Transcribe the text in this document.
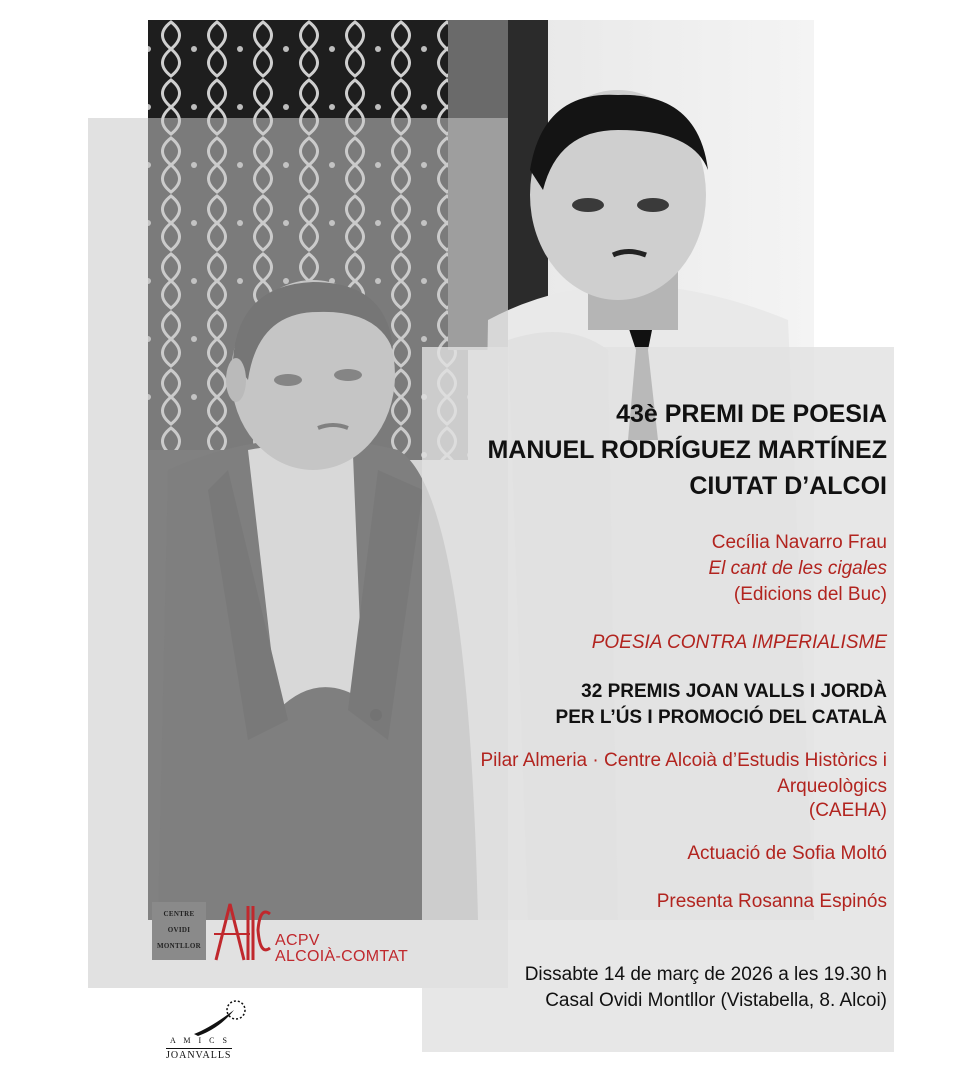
43è PREMI DE POESIA
MANUEL RODRÍGUEZ MARTÍNEZ
CIUTAT D’ALCOI
Cecília Navarro Frau
El cant de les cigales
(Edicions del Buc)
POESIA CONTRA IMPERIALISME
32 PREMIS JOAN VALLS I JORDÀ
PER L’ÚS I PROMOCIÓ DEL CATALÀ
Pilar Almeria · Centre Alcoià d’Estudis Històrics i
Arqueològics
(CAEHA)
Actuació de Sofia Moltó
Presenta Rosanna Espinós
Dissabte 14 de març de 2026 a les 19.30 h
Casal Ovidi Montllor (Vistabella, 8. Alcoi)
CENTRE
OVIDI
MONTLLOR	ACPV
ALCOIÀ-COMTAT
A M I C S
JOANVALLS
